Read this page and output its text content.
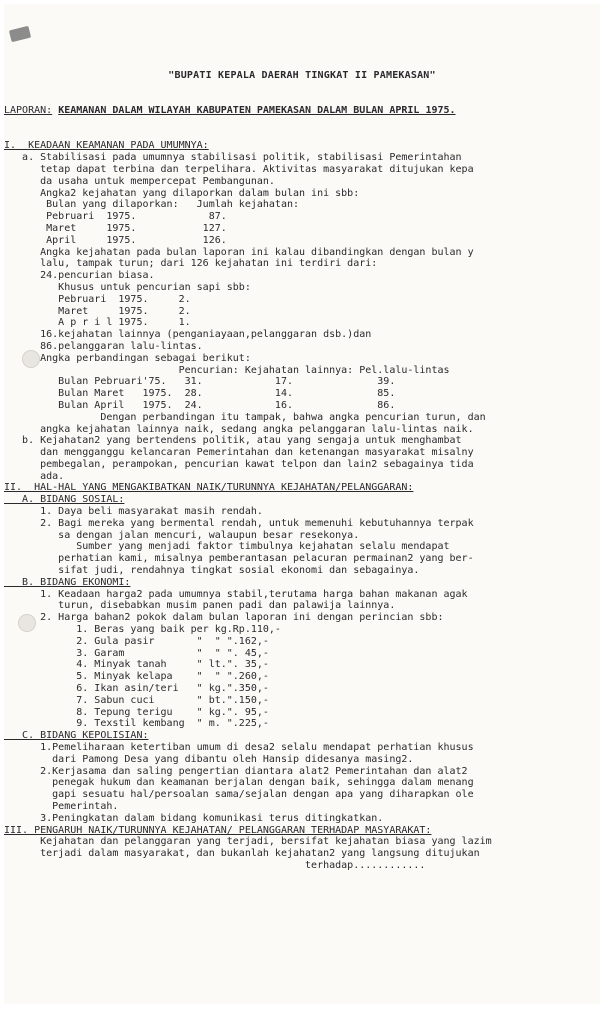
"BUPATI KEPALA DAERAH TINGKAT II PAMEKASAN"

LAPORAN: KEAMANAN DALAM WILAYAH KABUPATEN PAMEKASAN DALAM BULAN APRIL 1975.

I.  KEADAAN KEAMANAN PADA UMUMNYA:
a. Stabilisasi pada umumnya stabilisasi politik, stabilisasi Pemerintahan
tetap dapat terbina dan terpelihara. Aktivitas masyarakat ditujukan kepa
da usaha untuk mempercepat Pembangunan.
Angka2 kejahatan yang dilaporkan dalam bulan ini sbb:
Bulan yang dilaporkan:   Jumlah kejahatan:
Pebruari  1975.            87.
Maret     1975.           127.
April     1975.           126.
Angka kejahatan pada bulan laporan ini kalau dibandingkan dengan bulan y
lalu, tampak turun; dari 126 kejahatan ini terdiri dari:
24.pencurian biasa.
Khusus untuk pencurian sapi sbb:
Pebruari  1975.     2.
Maret     1975.     2.
A p r i l 1975.     1.
16.kejahatan lainnya (penganiayaan,pelanggaran dsb.)dan
86.pelanggaran lalu-lintas.
Angka perbandingan sebagai berikut:
Pencurian: Kejahatan lainnya: Pel.lalu-lintas
Bulan Pebruari'75.   31.            17.              39.
Bulan Maret   1975.  28.            14.              85.
Bulan April   1975.  24.            16.              86.
Dengan perbandingan itu tampak, bahwa angka pencurian turun, dan
angka kejahatan lainnya naik, sedang angka pelanggaran lalu-lintas naik.
b. Kejahatan2 yang bertendens politik, atau yang sengaja untuk menghambat
dan mengganggu kelancaran Pemerintahan dan ketenangan masyarakat misalny
pembegalan, perampokan, pencurian kawat telpon dan lain2 sebagainya tida
ada.
II.  HAL-HAL YANG MENGAKIBATKAN NAIK/TURUNNYA KEJAHATAN/PELANGGARAN:
A. BIDANG SOSIAL:
1. Daya beli masyarakat masih rendah.
2. Bagi mereka yang bermental rendah, untuk memenuhi kebutuhannya terpak
sa dengan jalan mencuri, walaupun besar resekonya.
Sumber yang menjadi faktor timbulnya kejahatan selalu mendapat
perhatian kami, misalnya pemberantasan pelacuran permainan2 yang ber-
sifat judi, rendahnya tingkat sosial ekonomi dan sebagainya.
B. BIDANG EKONOMI:
1. Keadaan harga2 pada umumnya stabil,terutama harga bahan makanan agak
turun, disebabkan musim panen padi dan palawija lainnya.
2. Harga bahan2 pokok dalam bulan laporan ini dengan perincian sbb:
1. Beras yang baik per kg.Rp.110,-
2. Gula pasir       "  " ".162,-
3. Garam            "  " ". 45,-
4. Minyak tanah     " lt.". 35,-
5. Minyak kelapa    "  " ".260,-
6. Ikan asin/teri   " kg.".350,-
7. Sabun cuci       " bt.".150,-
8. Tepung terigu    " kg.". 95,-
9. Texstil kembang  " m. ".225,-
C. BIDANG KEPOLISIAN:
1.Pemeliharaan ketertiban umum di desa2 selalu mendapat perhatian khusus
dari Pamong Desa yang dibantu oleh Hansip didesanya masing2.
2.Kerjasama dan saling pengertian diantara alat2 Pemerintahan dan alat2
penegak hukum dan keamanan berjalan dengan baik, sehingga dalam menang
gapi sesuatu hal/persoalan sama/sejalan dengan apa yang diharapkan ole
Pemerintah.
3.Peningkatan dalam bidang komunikasi terus ditingkatkan.
III. PENGARUH NAIK/TURUNNYA KEJAHATAN/ PELANGGARAN TERHADAP MASYARAKAT:
Kejahatan dan pelanggaran yang terjadi, bersifat kejahatan biasa yang lazim
terjadi dalam masyarakat, dan bukanlah kejahatan2 yang langsung ditujukan
terhadap............
